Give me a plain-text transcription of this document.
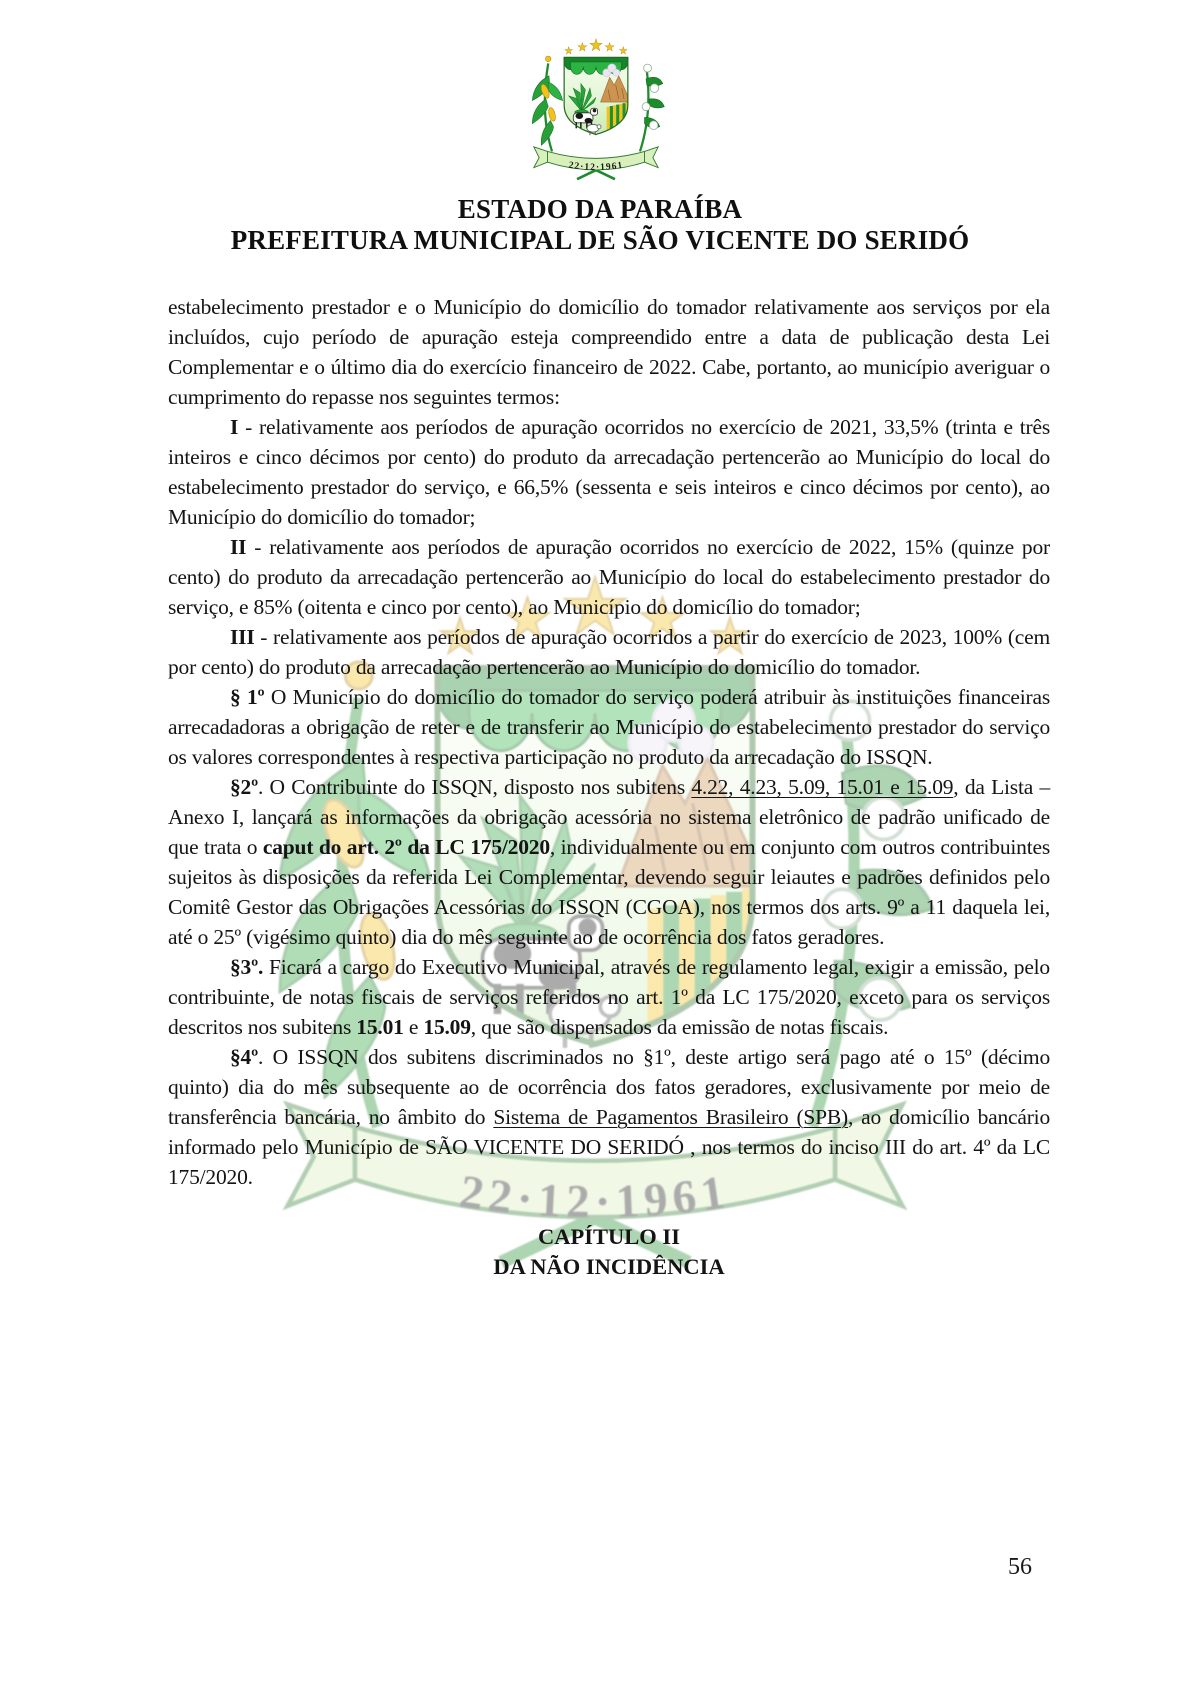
ESTADO DA PARAÍBA
PREFEITURA MUNICIPAL DE SÃO VICENTE DO SERIDÓ

estabelecimento prestador e o Município do domicílio do tomador relativamente aos serviços por ela incluídos, cujo período de apuração esteja compreendido entre a data de publicação desta Lei Complementar e o último dia do exercício financeiro de 2022. Cabe, portanto, ao município averiguar o cumprimento do repasse nos seguintes termos:

I - relativamente aos períodos de apuração ocorridos no exercício de 2021, 33,5% (trinta e três inteiros e cinco décimos por cento) do produto da arrecadação pertencerão ao Município do local do estabelecimento prestador do serviço, e 66,5% (sessenta e seis inteiros e cinco décimos por cento), ao Município do domicílio do tomador;

II - relativamente aos períodos de apuração ocorridos no exercício de 2022, 15% (quinze por cento) do produto da arrecadação pertencerão ao Município do local do estabelecimento prestador do serviço, e 85% (oitenta e cinco por cento), ao Município do domicílio do tomador;

III - relativamente aos períodos de apuração ocorridos a partir do exercício de 2023, 100% (cem por cento) do produto da arrecadação pertencerão ao Município do domicílio do tomador.

§ 1º O Município do domicílio do tomador do serviço poderá atribuir às instituições financeiras arrecadadoras a obrigação de reter e de transferir ao Município do estabelecimento prestador do serviço os valores correspondentes à respectiva participação no produto da arrecadação do ISSQN.

§2º. O Contribuinte do ISSQN, disposto nos subitens 4.22, 4.23, 5.09, 15.01 e 15.09, da Lista – Anexo I, lançará as informações da obrigação acessória no sistema eletrônico de padrão unificado de que trata o caput do art. 2º da LC 175/2020, individualmente ou em conjunto com outros contribuintes sujeitos às disposições da referida Lei Complementar, devendo seguir leiautes e padrões definidos pelo Comitê Gestor das Obrigações Acessórias do ISSQN (CGOA), nos termos dos arts. 9º a 11 daquela lei, até o 25º (vigésimo quinto) dia do mês seguinte ao de ocorrência dos fatos geradores.

§3º. Ficará a cargo do Executivo Municipal, através de regulamento legal, exigir a emissão, pelo contribuinte, de notas fiscais de serviços referidos no art. 1º da LC 175/2020, exceto para os serviços descritos nos subitens 15.01 e 15.09, que são dispensados da emissão de notas fiscais.

§4º. O ISSQN dos subitens discriminados no §1º, deste artigo será pago até o 15º (décimo quinto) dia do mês subsequente ao de ocorrência dos fatos geradores, exclusivamente por meio de transferência bancária, no âmbito do Sistema de Pagamentos Brasileiro (SPB), ao domicílio bancário informado pelo Município de SÃO VICENTE DO SERIDÓ , nos termos do inciso III do art. 4º da LC 175/2020.

CAPÍTULO II
DA NÃO INCIDÊNCIA
56
